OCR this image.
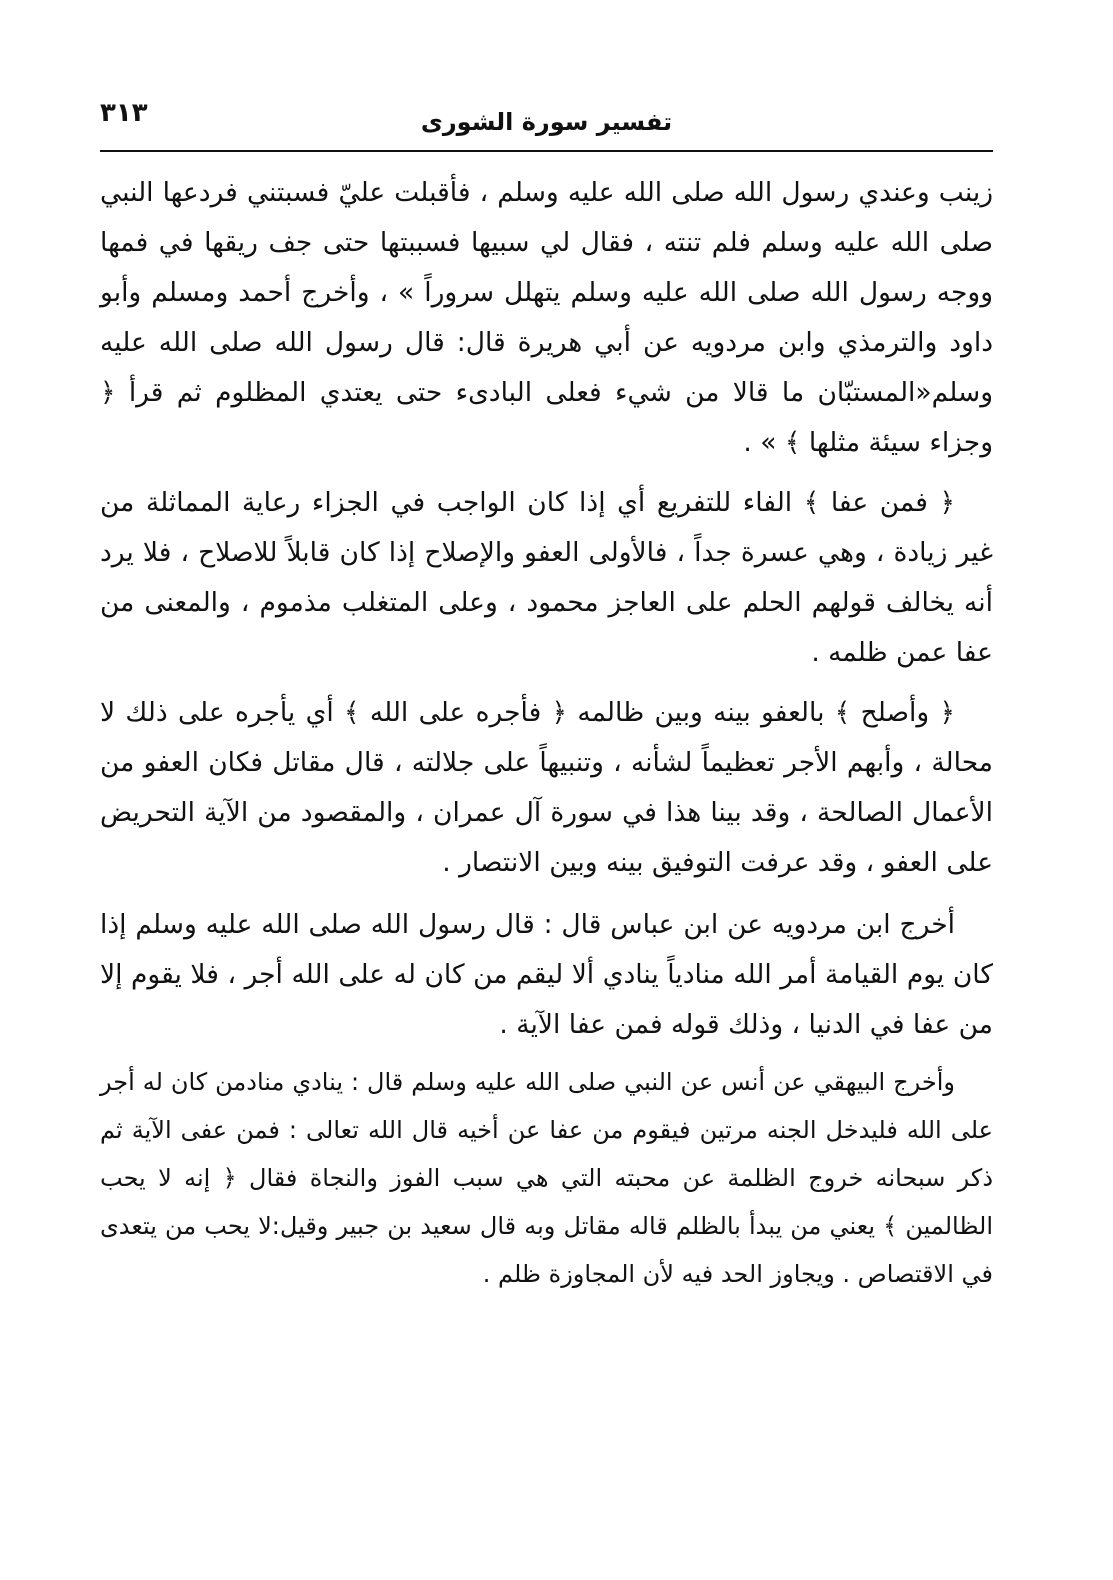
٣١٣	تفسير سورة الشورى

زينب وعندي رسول الله صلى الله عليه وسلم ، فأقبلت عليّ فسبتني فردعها النبي صلى الله عليه وسلم فلم تنته ، فقال لي سبيها فسببتها حتى جف ريقها في فمها ووجه رسول الله صلى الله عليه وسلم يتهلل سروراً » ، وأخرج أحمد ومسلم وأبو داود والترمذي وابن مردويه عن أبي هريرة قال: قال رسول الله صلى الله عليه وسلم«المستبّان ما قالا من شيء فعلى البادىء حتى يعتدي المظلوم ثم قرأ ﴿ وجزاء سيئة مثلها ﴾ » .

﴿ فمن عفا ﴾ الفاء للتفريع أي إذا كان الواجب في الجزاء رعاية المماثلة من غير زيادة ، وهي عسرة جداً ، فالأولى العفو والإصلاح إذا كان قابلاً للاصلاح ، فلا يرد أنه يخالف قولهم الحلم على العاجز محمود ، وعلى المتغلب مذموم ، والمعنى من عفا عمن ظلمه .

﴿ وأصلح ﴾ بالعفو بينه وبين ظالمه ﴿ فأجره على الله ﴾ أي يأجره على ذلك لا محالة ، وأبهم الأجر تعظيماً لشأنه ، وتنبيهاً على جلالته ، قال مقاتل فكان العفو من الأعمال الصالحة ، وقد بينا هذا في سورة آل عمران ، والمقصود من الآية التحريض على العفو ، وقد عرفت التوفيق بينه وبين الانتصار .

أخرج ابن مردويه عن ابن عباس قال : قال رسول الله صلى الله عليه وسلم إذا كان يوم القيامة أمر الله منادياً ينادي ألا ليقم من كان له على الله أجر ، فلا يقوم إلا من عفا في الدنيا ، وذلك قوله فمن عفا الآية .

وأخرج البيهقي عن أنس عن النبي صلى الله عليه وسلم قال : ينادي منادمن كان له أجر على الله فليدخل الجنه مرتين فيقوم من عفا عن أخيه قال الله تعالى : فمن عفى الآية ثم ذكر سبحانه خروج الظلمة عن محبته التي هي سبب الفوز والنجاة فقال ﴿ إنه لا يحب الظالمين ﴾ يعني من يبدأ بالظلم قاله مقاتل وبه قال سعيد بن جبير وقيل:لا يحب من يتعدى في الاقتصاص . ويجاوز الحد فيه لأن المجاوزة ظلم .
